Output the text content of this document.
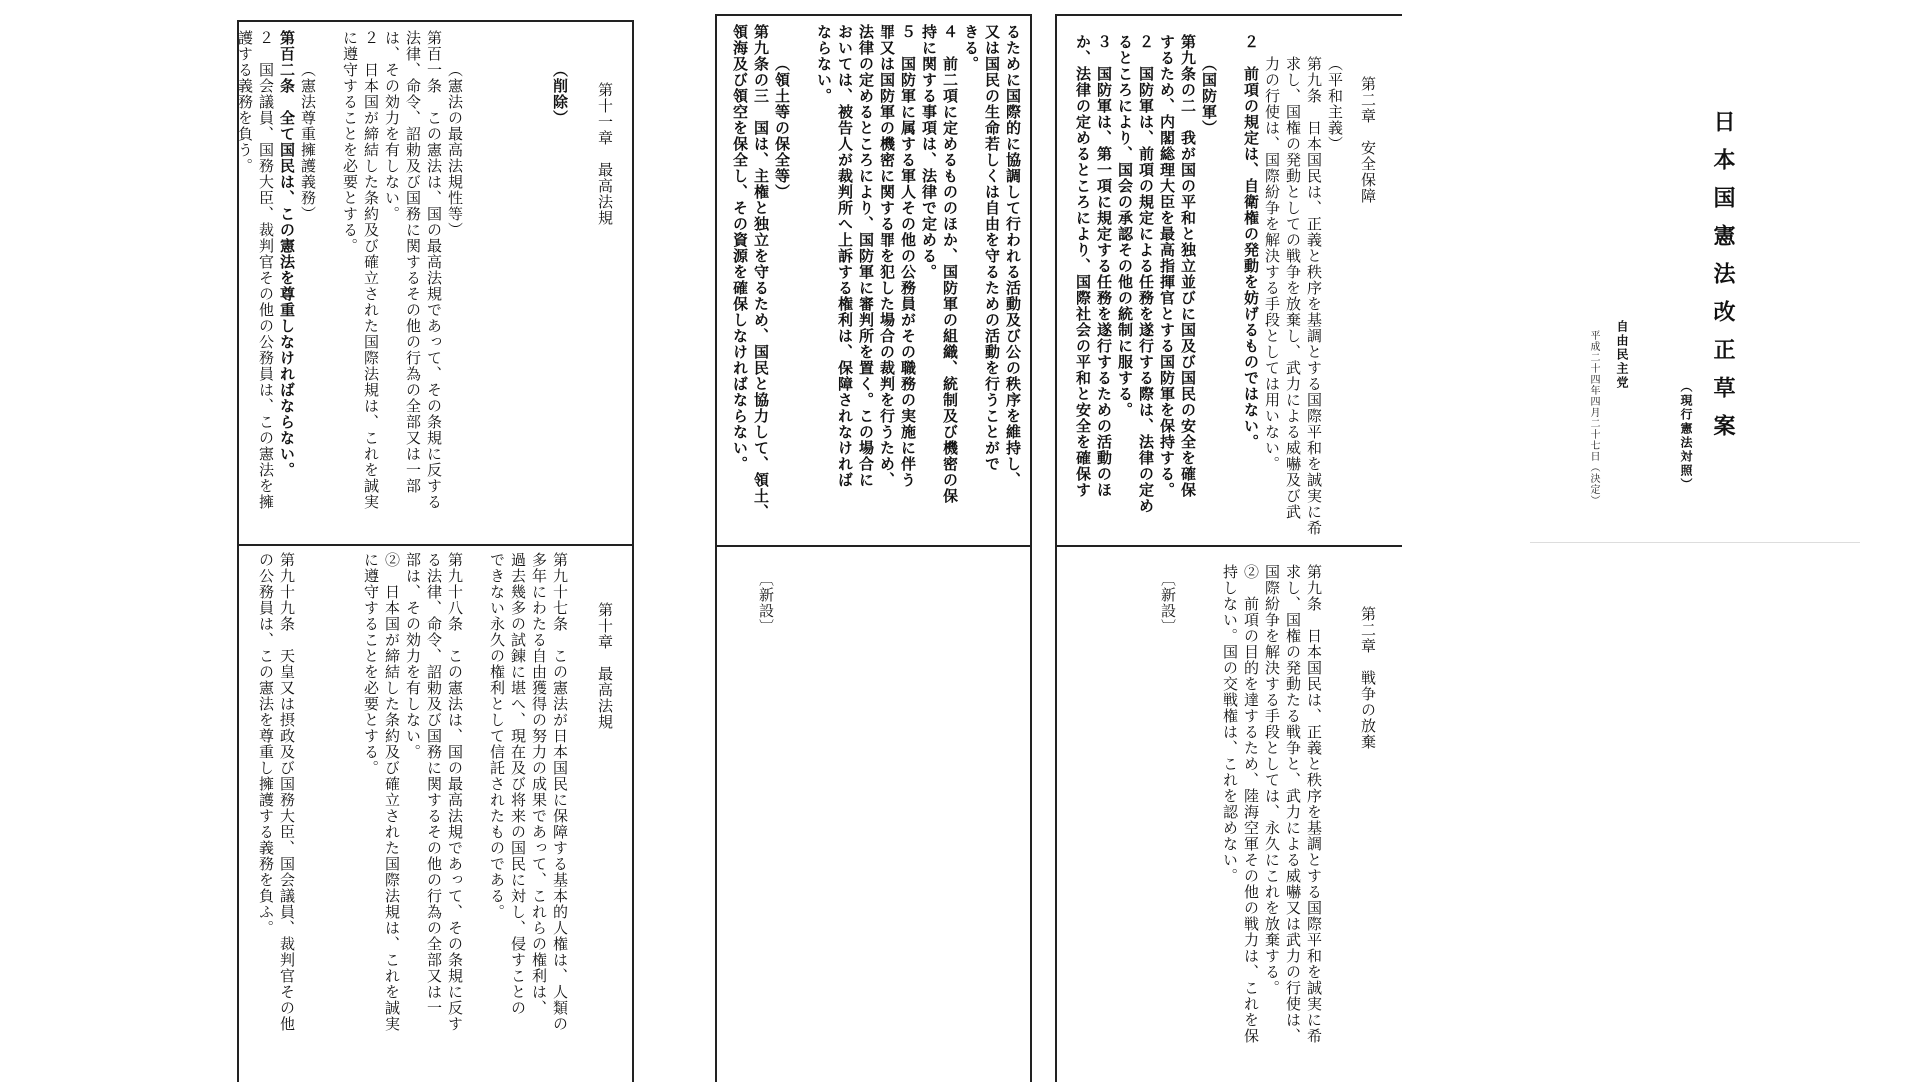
日本国憲法改正草案
（現行憲法対照）
自由民主党
平成二十四年四月二十七日（決定）
第二章　安全保障
（平和主義）
第九条　日本国民は、正義と秩序を基調とする国際平和を誠実に希
求し、国権の発動としての戦争を放棄し、武力による威嚇及び武
力の行使は、国際紛争を解決する手段としては用いない。
２　前項の規定は、自衛権の発動を妨げるものではない。
（国防軍）
第九条の二　我が国の平和と独立並びに国及び国民の安全を確保
するため、内閣総理大臣を最高指揮官とする国防軍を保持する。
２　国防軍は、前項の規定による任務を遂行する際は、法律の定め
るところにより、国会の承認その他の統制に服する。
３　国防軍は、第一項に規定する任務を遂行するための活動のほ
か、法律の定めるところにより、国際社会の平和と安全を確保す
第二章　戦争の放棄
〔新設〕	第九条　日本国民は、正義と秩序を基調とする国際平和を誠実に希
求し、国権の発動たる戦争と、武力による威嚇又は武力の行使は、
国際紛争を解決する手段としては、永久にこれを放棄する。
②　前項の目的を達するため、陸海空軍その他の戦力は、これを保
持しない。国の交戦権は、これを認めない。
るために国際的に協調して行われる活動及び公の秩序を維持し、
又は国民の生命若しくは自由を守るための活動を行うことがで
きる。
４　前二項に定めるもののほか、国防軍の組織、統制及び機密の保
持に関する事項は、法律で定める。
５　国防軍に属する軍人その他の公務員がその職務の実施に伴う
罪又は国防軍の機密に関する罪を犯した場合の裁判を行うため、
法律の定めるところにより、国防軍に審判所を置く。この場合に
おいては、被告人が裁判所へ上訴する権利は、保障されなければ
ならない。
（領土等の保全等）
第九条の三　国は、主権と独立を守るため、国民と協力して、領土、
領海及び領空を保全し、その資源を確保しなければならない。
〔新設〕
第十一章　最高法規
（削除）
（憲法の最高法規性等）
第百一条　この憲法は、国の最高法規であって、その条規に反する
法律、命令、詔勅及び国務に関するその他の行為の全部又は一部
は、その効力を有しない。
２　日本国が締結した条約及び確立された国際法規は、これを誠実
に遵守することを必要とする。
（憲法尊重擁護義務）
第百二条　全て国民は、この憲法を尊重しなければならない。
２　国会議員、国務大臣、裁判官その他の公務員は、この憲法を擁
護する義務を負う。
第十章　最高法規
第九十七条　この憲法が日本国民に保障する基本的人権は、人類の
多年にわたる自由獲得の努力の成果であって、これらの権利は、
過去幾多の試錬に堪へ、現在及び将来の国民に対し、侵すことの
できない永久の権利として信託されたものである。
第九十八条　この憲法は、国の最高法規であって、その条規に反す
る法律、命令、詔勅及び国務に関するその他の行為の全部又は一
部は、その効力を有しない。
②　日本国が締結した条約及び確立された国際法規は、これを誠実
に遵守することを必要とする。
第九十九条　天皇又は摂政及び国務大臣、国会議員、裁判官その他
の公務員は、この憲法を尊重し擁護する義務を負ふ。
